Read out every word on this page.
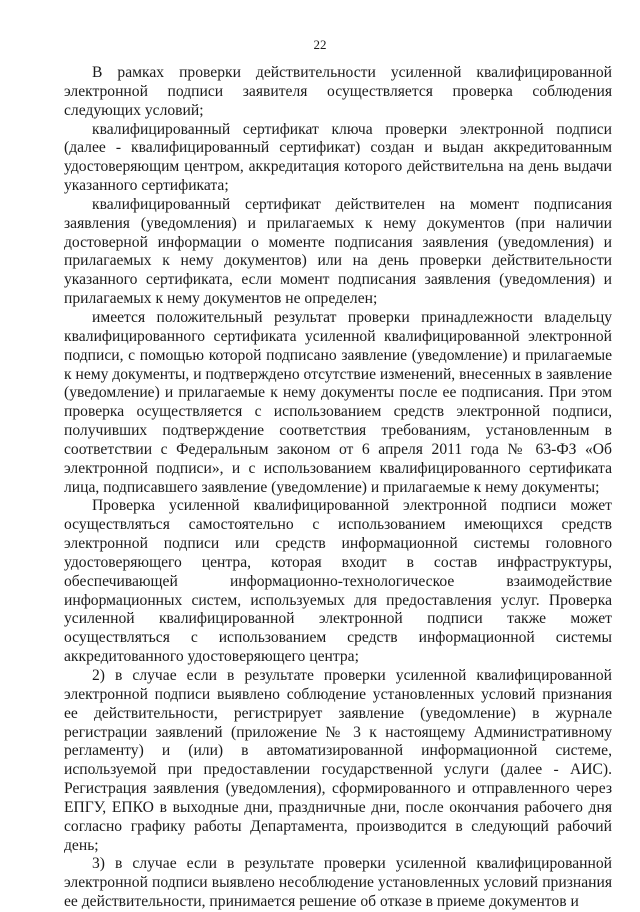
22

В рамках проверки действительности усиленной квалифицированной электронной подписи заявителя осуществляется проверка соблюдения следующих условий;

квалифицированный сертификат ключа проверки электронной подписи (далее - квалифицированный сертификат) создан и выдан аккредитованным удостоверяющим центром, аккредитация которого действительна на день выдачи указанного сертификата;

квалифицированный сертификат действителен на момент подписания заявления (уведомления) и прилагаемых к нему документов (при наличии достоверной информации о моменте подписания заявления (уведомления) и прилагаемых к нему документов) или на день проверки действительности указанного сертификата, если момент подписания заявления (уведомления) и прилагаемых к нему документов не определен;

имеется положительный результат проверки принадлежности владельцу квалифицированного сертификата усиленной квалифицированной электронной подписи, с помощью которой подписано заявление (уведомление) и прилагаемые к нему документы, и подтверждено отсутствие изменений, внесенных в заявление (уведомление) и прилагаемые к нему документы после ее подписания. При этом проверка осуществляется с использованием средств электронной подписи, получивших подтверждение соответствия требованиям, установленным в соответствии с Федеральным законом от 6 апреля 2011 года № 63-ФЗ «Об электронной подписи», и с использованием квалифицированного сертификата лица, подписавшего заявление (уведомление) и прилагаемые к нему документы;

Проверка усиленной квалифицированной электронной подписи может осуществляться самостоятельно с использованием имеющихся средств электронной подписи или средств информационной системы головного удостоверяющего центра, которая входит в состав инфраструктуры, обеспечивающей информационно-технологическое взаимодействие информационных систем, используемых для предоставления услуг. Проверка усиленной квалифицированной электронной подписи также может осуществляться с использованием средств информационной системы аккредитованного удостоверяющего центра;

2) в случае если в результате проверки усиленной квалифицированной электронной подписи выявлено соблюдение установленных условий признания ее действительности, регистрирует заявление (уведомление) в журнале регистрации заявлений (приложение № 3 к настоящему Административному регламенту) и (или) в автоматизированной информационной системе, используемой при предоставлении государственной услуги (далее - АИС). Регистрация заявления (уведомления), сформированного и отправленного через ЕПГУ, ЕПКО в выходные дни, праздничные дни, после окончания рабочего дня согласно графику работы Департамента, производится в следующий рабочий день;

3) в случае если в результате проверки усиленной квалифицированной электронной подписи выявлено несоблюдение установленных условий признания ее действительности, принимается решение об отказе в приеме документов и
